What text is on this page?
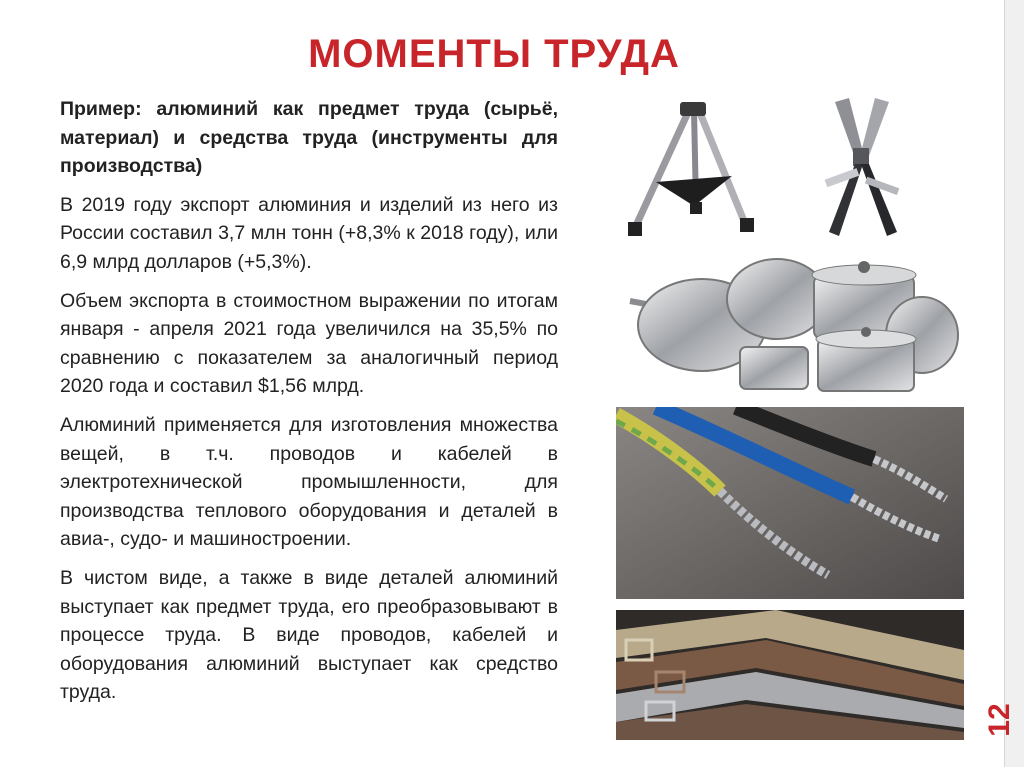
МОМЕНТЫ ТРУДА

Пример: алюминий как предмет труда (сырьё, материал) и средства труда (инструменты для производства)

В 2019 году экспорт алюминия и изделий из него из России составил 3,7 млн тонн (+8,3% к 2018 году), или 6,9 млрд долларов (+5,3%).

Объем экспорта в стоимостном выражении по итогам января - апреля 2021 года увеличился на 35,5% по сравнению с показателем за аналогичный период 2020 года и составил $1,56 млрд.

Алюминий применяется для изготовления множества вещей, в т.ч. проводов и кабелей в электротехнической промышленности, для производства теплового оборудования и деталей в авиа-, судо- и машиностроении.

В чистом виде, а также в виде деталей алюминий выступает как предмет труда, его преобразовывают в процессе труда. В виде проводов, кабелей и оборудования алюминий выступает как средство труда.

12
